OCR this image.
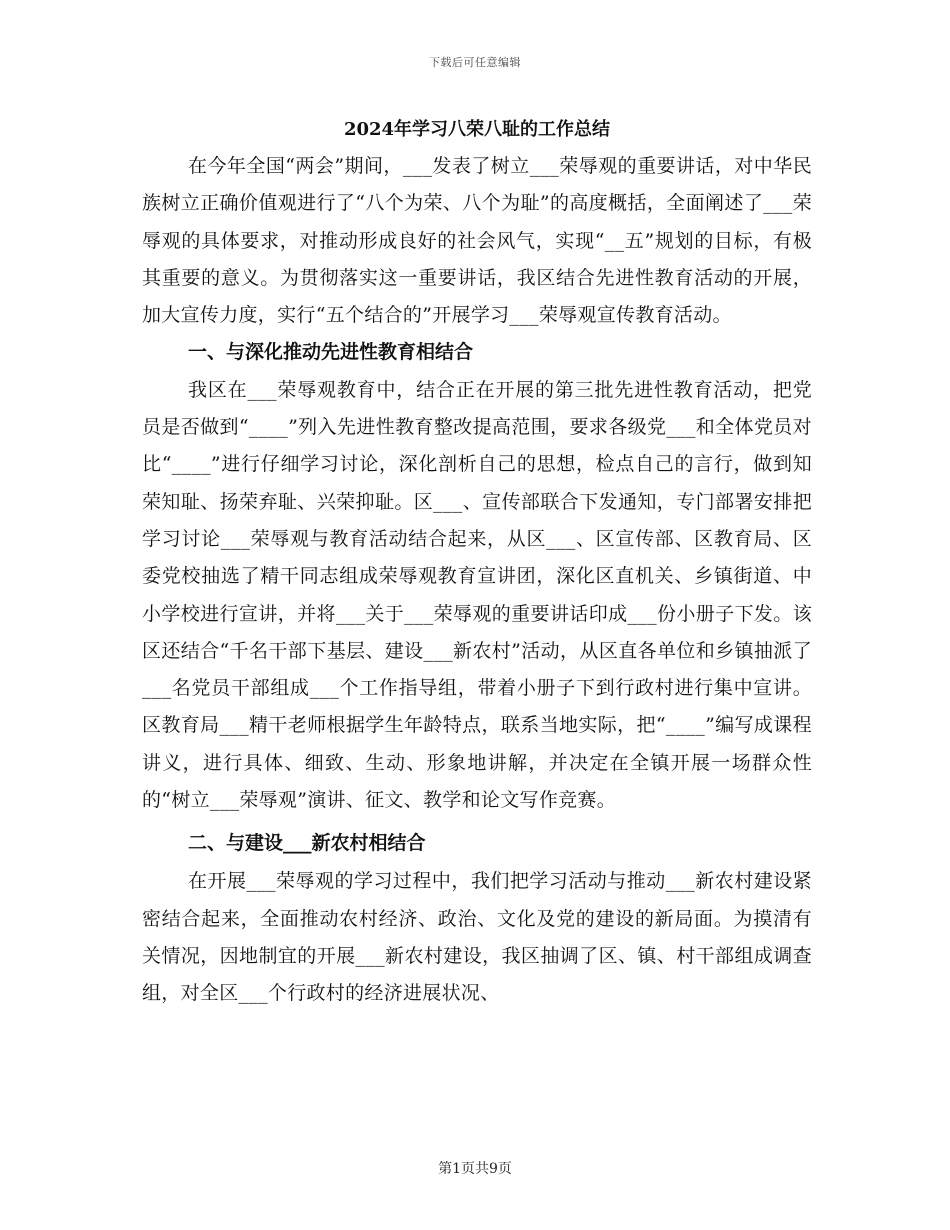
下载后可任意编辑
2024年学习八荣八耻的工作总结

在今年全国“两会”期间，___发表了树立___荣辱观的重要讲话，对中华民族树立正确价值观进行了“八个为荣、八个为耻”的高度概括，全面阐述了___荣辱观的具体要求，对推动形成良好的社会风气，实现“__五”规划的目标，有极其重要的意义。为贯彻落实这一重要讲话，我区结合先进性教育活动的开展，加大宣传力度，实行“五个结合的”开展学习___荣辱观宣传教育活动。

一、与深化推动先进性教育相结合

我区在___荣辱观教育中，结合正在开展的第三批先进性教育活动，把党员是否做到“____”列入先进性教育整改提高范围，要求各级党___和全体党员对比“____”进行仔细学习讨论，深化剖析自己的思想，检点自己的言行，做到知荣知耻、扬荣弃耻、兴荣抑耻。区___、宣传部联合下发通知，专门部署安排把学习讨论___荣辱观与教育活动结合起来，从区___、区宣传部、区教育局、区委党校抽选了精干同志组成荣辱观教育宣讲团，深化区直机关、乡镇街道、中小学校进行宣讲，并将___关于___荣辱观的重要讲话印成___份小册子下发。该区还结合“千名干部下基层、建设___新农村”活动，从区直各单位和乡镇抽派了___名党员干部组成___个工作指导组，带着小册子下到行政村进行集中宣讲。区教育局___精干老师根据学生年龄特点，联系当地实际，把“____”编写成课程讲义，进行具体、细致、生动、形象地讲解，并决定在全镇开展一场群众性的“树立___荣辱观”演讲、征文、教学和论文写作竞赛。

二、与建设___新农村相结合

在开展___荣辱观的学习过程中，我们把学习活动与推动___新农村建设紧密结合起来，全面推动农村经济、政治、文化及党的建设的新局面。为摸清有关情况，因地制宜的开展___新农村建设，我区抽调了区、镇、村干部组成调查组，对全区___个行政村的经济进展状况、

第1页共9页
